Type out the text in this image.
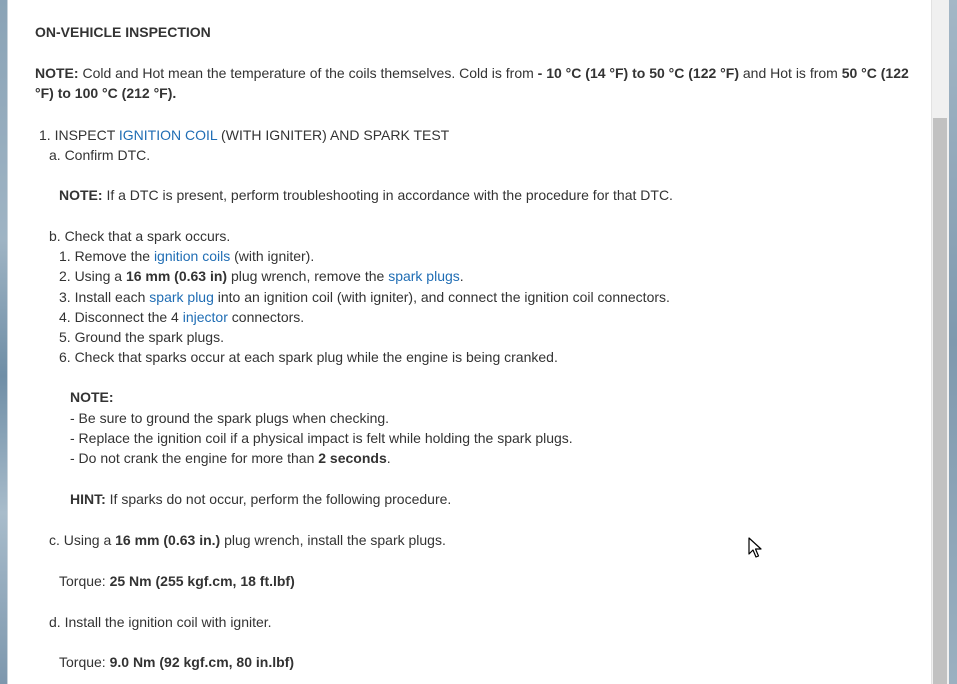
ON-VEHICLE INSPECTION
NOTE: Cold and Hot mean the temperature of the coils themselves. Cold is from - 10 °C (14 °F) to 50 °C (122 °F) and Hot is from 50 °C (122 °F) to 100 °C (212 °F).
1. INSPECT IGNITION COIL (WITH IGNITER) AND SPARK TEST
a. Confirm DTC.
NOTE: If a DTC is present, perform troubleshooting in accordance with the procedure for that DTC.
b. Check that a spark occurs.
1. Remove the ignition coils (with igniter).
2. Using a 16 mm (0.63 in) plug wrench, remove the spark plugs.
3. Install each spark plug into an ignition coil (with igniter), and connect the ignition coil connectors.
4. Disconnect the 4 injector connectors.
5. Ground the spark plugs.
6. Check that sparks occur at each spark plug while the engine is being cranked.
NOTE:
- Be sure to ground the spark plugs when checking.
- Replace the ignition coil if a physical impact is felt while holding the spark plugs.
- Do not crank the engine for more than 2 seconds.
HINT: If sparks do not occur, perform the following procedure.
c. Using a 16 mm (0.63 in.) plug wrench, install the spark plugs.
Torque: 25 Nm (255 kgf.cm, 18 ft.lbf)
d. Install the ignition coil with igniter.
Torque: 9.0 Nm (92 kgf.cm, 80 in.lbf)
